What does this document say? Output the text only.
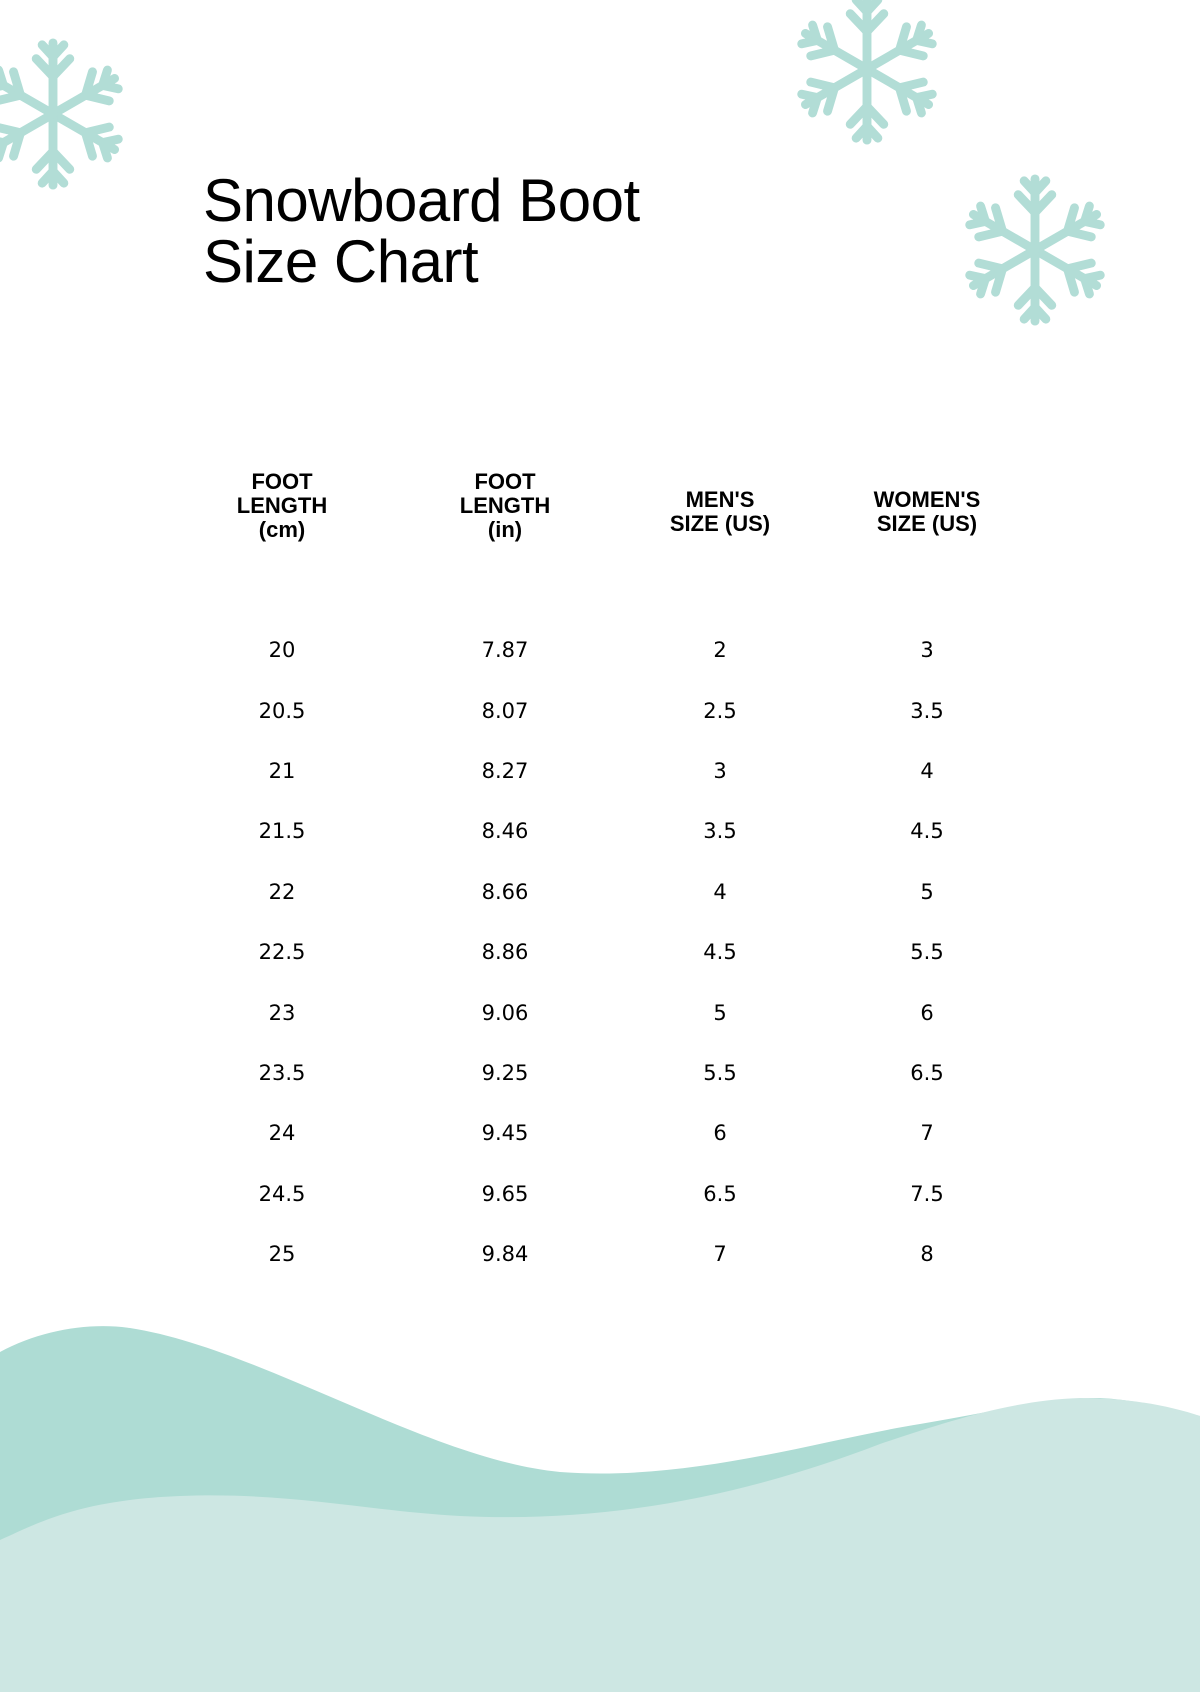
Snowboard Boot
Size Chart
FOOT
LENGTH
(cm)	FOOT
LENGTH
(in)	MEN'S
SIZE (US)	WOMEN'S
SIZE (US)
20	7.87	2	3
20.5	8.07	2.5	3.5
21	8.27	3	4
21.5	8.46	3.5	4.5
22	8.66	4	5
22.5	8.86	4.5	5.5
23	9.06	5	6
23.5	9.25	5.5	6.5
24	9.45	6	7
24.5	9.65	6.5	7.5
25	9.84	7	8
